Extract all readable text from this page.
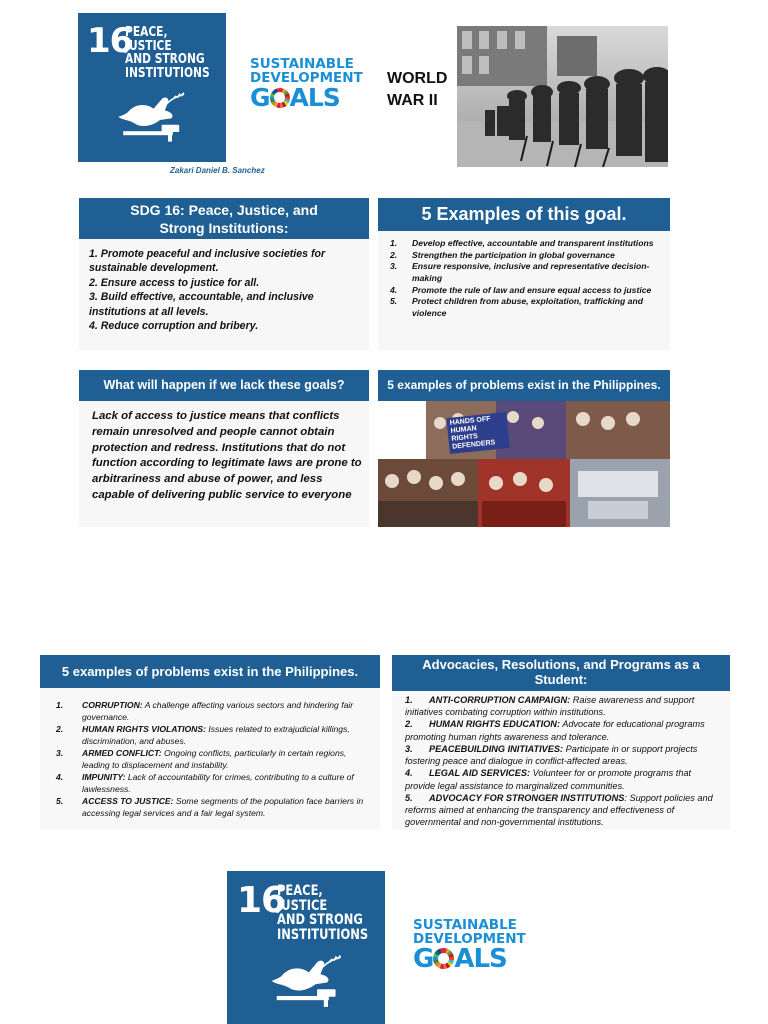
16
PEACE, JUSTICE
AND STRONG
INSTITUTIONS
SUSTAINABLE
DEVELOPMENT
G ALS
WORLD
WAR II
Zakari Daniel B. Sanchez
SDG 16: Peace, Justice, and Strong Institutions:
1. Promote peaceful and inclusive societies for sustainable development.
2. Ensure access to justice for all.
3. Build effective, accountable, and inclusive institutions at all levels.
4. Reduce corruption and bribery.
5 Examples of this goal.
1.	Develop effective, accountable and transparent institutions
2.	Strengthen the participation in global governance
3.	Ensure responsive, inclusive and representative decision-making
4.	Promote the rule of law and ensure equal access to justice
5.	Protect children from abuse, exploitation, trafficking and violence
What will happen if we lack these goals?
Lack of access to justice means that conflicts remain unresolved and people cannot obtain protection and redress. Institutions that do not function according to legitimate laws are prone to arbitrariness and abuse of power, and less capable of delivering public service to everyone
5 examples of problems exist in the Philippines.
HANDS OFF HUMAN RIGHTS DEFENDERS
5 examples of problems exist in the Philippines.
1.	CORRUPTION: A challenge affecting various sectors and hindering fair governance.
2.	HUMAN RIGHTS VIOLATIONS: Issues related to extrajudicial killings, discrimination, and abuses.
3.	ARMED CONFLICT: Ongoing conflicts, particularly in certain regions, leading to displacement and instability.
4.	IMPUNITY: Lack of accountability for crimes, contributing to a culture of lawlessness.
5.	ACCESS TO JUSTICE: Some segments of the population face barriers in accessing legal services and a fair legal system.
Advocacies, Resolutions, and Programs as a Student:
1. ANTI-CORRUPTION CAMPAIGN: Raise awareness and support initiatives combating corruption within institutions.
2. HUMAN RIGHTS EDUCATION: Advocate for educational programs promoting human rights awareness and tolerance.
3. PEACEBUILDING INITIATIVES: Participate in or support projects fostering peace and dialogue in conflict-affected areas.
4. LEGAL AID SERVICES: Volunteer for or promote programs that provide legal assistance to marginalized communities.
5. ADVOCACY FOR STRONGER INSTITUTIONS: Support policies and reforms aimed at enhancing the transparency and effectiveness of governmental and non-governmental institutions.
16
PEACE, JUSTICE
AND STRONG
INSTITUTIONS
SUSTAINABLE
DEVELOPMENT
G ALS
